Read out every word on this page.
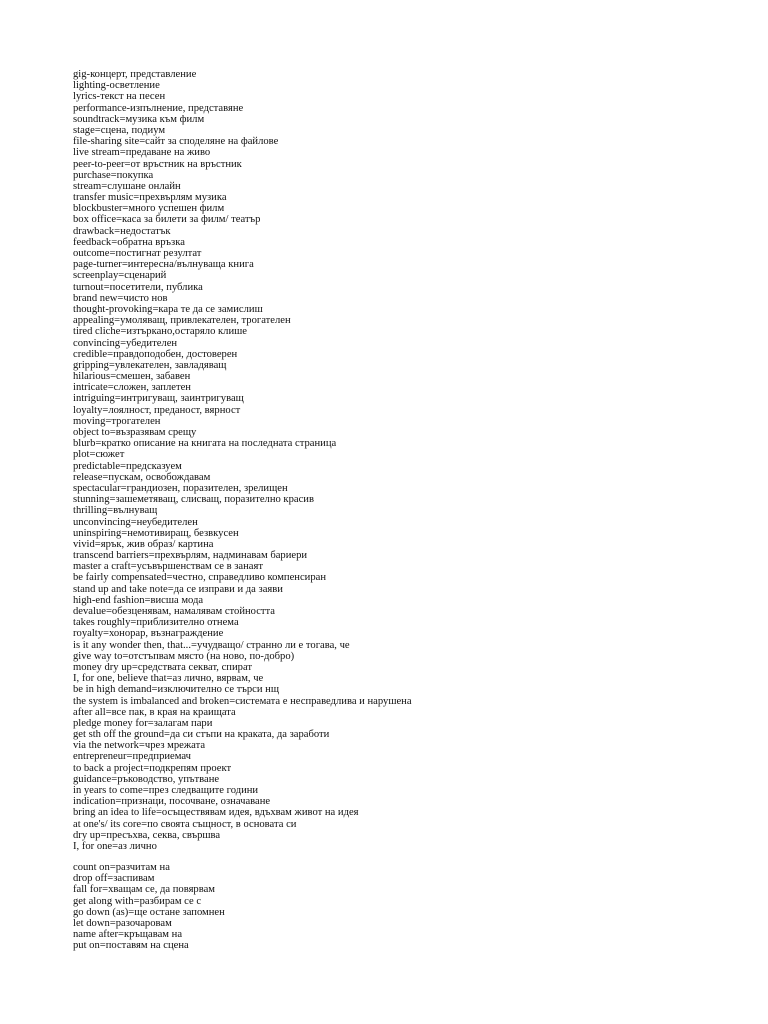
gig-концерт, представление
lighting-осветление
lyrics-текст на песен
performance-изпълнение, представяне
soundtrack=музика към филм
stage=сцена, подиум
file-sharing site=сайт за споделяне на файлове
live stream=предаване на живо
peer-to-peer=от връстник на връстник
purchase=покупка
stream=слушане онлайн
transfer music=прехвърлям музика
blockbuster=много успешен филм
box office=каса за билети за филм/ театър
drawback=недостатък
feedback=обратна връзка
outcome=постигнат резултат
page-turner=интересна/вълнуваща книга
screenplay=сценарий
turnout=посетители, публика
brand new=чисто нов
thought-provoking=кара те да се замислиш
appealing=умоляващ, привлекателен, трогателен
tired cliche=изтъркано,остаряло клише
convincing=убедителен
credible=правдоподобен, достоверен
gripping=увлекателен, завладяващ
hilarious=смешен, забавен
intricate=сложен, заплетен
intriguing=интригуващ, заинтригуващ
loyalty=лоялност, преданост, вярност
moving=трогателен
object to=възразявам срещу
blurb=кратко описание на книгата на последната страница
plot=сюжет
predictable=предсказуем
release=пускам, освобождавам
spectacular=грандиозен, поразителен, зрелищен
stunning=зашеметяващ, слисващ, поразително красив
thrilling=вълнуващ
unconvincing=неубедителен
uninspiring=немотивиращ, безвкусен
vivid=ярък, жив образ/ картина
transcend barriers=прехвърлям, надминавам бариери
master a craft=усъвършенствам се в занаят
be fairly compensated=честно, справедливо компенсиран
stand up and take note=да се изправи и да заяви
high-end fashion=висша мода
devalue=обезценявам, намалявам стойността
takes roughly=приблизително отнема
royalty=хонорар, възнаграждение
is it any wonder then, that...=учудващо/ странно ли е тогава, че
give way to=отстъпвам място (на ново, по-добро)
money dry up=средствата секват, спират
I, for one, believe that=аз лично, вярвам, че
be in high demand=изключително се търси нщ
the system is imbalanced and broken=системата е несправедлива и нарушена
after all=все пак, в края на краищата
pledge money for=залагам пари
get sth off the ground=да си стъпи на краката, да заработи
via the network=чрез мрежата
entrepreneur=предприемач
to back a project=подкрепям проект
guidance=ръководство, упътване
in years to come=през следващите години
indication=признаци, посочване, означаване
bring an idea to life=осъществявам идея, вдъхвам живот на идея
at one's/ its core=по своята същност, в основата си
dry up=пресъхва, секва, свършва
I, for one=аз лично
count on=разчитам на
drop off=заспивам
fall for=хващам се, да повярвам
get along with=разбирам се с
go down (as)=ще остане запомнен
let down=разочаровам
name after=кръщавам на
put on=поставям на сцена
